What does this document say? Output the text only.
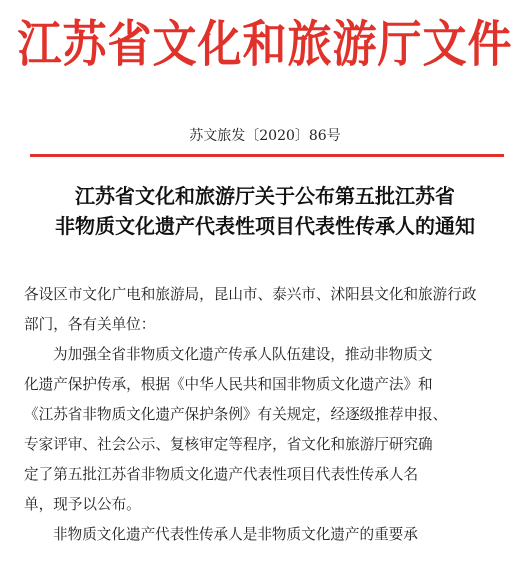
江苏省文化和旅游厅文件
苏文旅发〔2020〕86号
江苏省文化和旅游厅关于公布第五批江苏省
非物质文化遗产代表性项目代表性传承人的通知
各设区市文化广电和旅游局，昆山市、泰兴市、沭阳县文化和旅游行政
部门，各有关单位：
为加强全省非物质文化遗产传承人队伍建设，推动非物质文
化遗产保护传承，根据《中华人民共和国非物质文化遗产法》和
《江苏省非物质文化遗产保护条例》有关规定，经逐级推荐申报、
专家评审、社会公示、复核审定等程序，省文化和旅游厅研究确
定了第五批江苏省非物质文化遗产代表性项目代表性传承人名
单，现予以公布。
非物质文化遗产代表性传承人是非物质文化遗产的重要承
